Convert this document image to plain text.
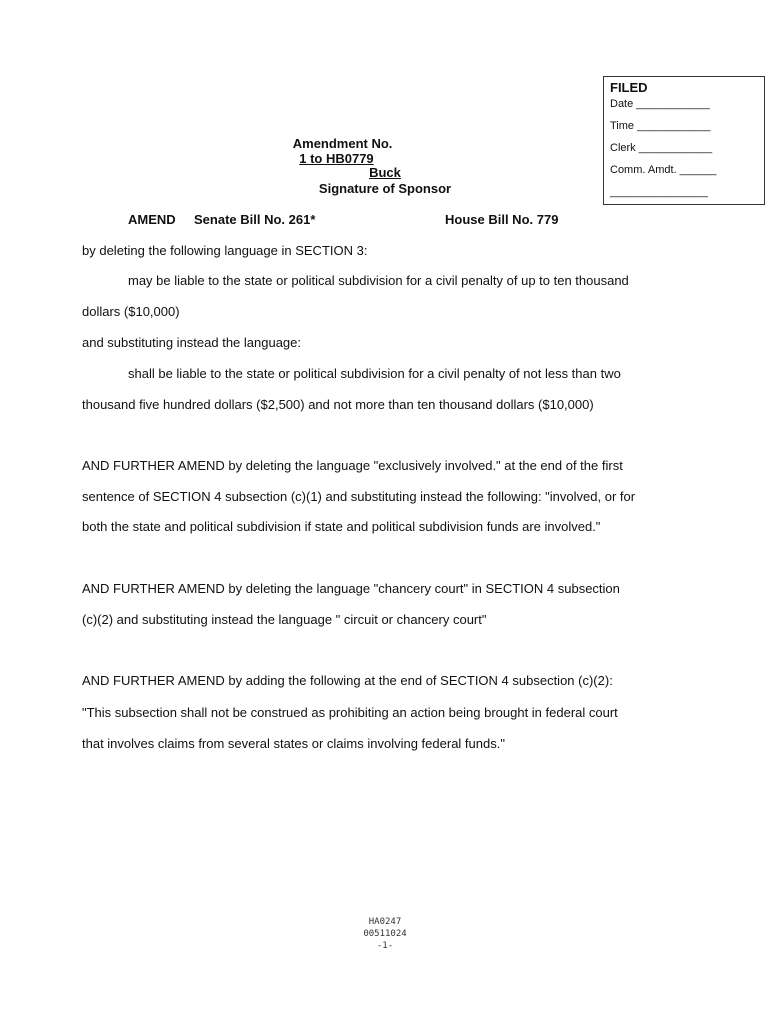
FILED
Date ____________
Time ____________
Clerk ____________
Comm. Amdt. ______
________________

Amendment No.
1 to HB0779

Buck
Signature of Sponsor
AMEND Senate Bill No. 261*	House Bill No. 779
by deleting the following language in SECTION 3:
may be liable to the state or political subdivision for a civil penalty of up to ten thousand
dollars ($10,000)
and substituting instead the language:
shall be liable to the state or political subdivision for a civil penalty of not less than two
thousand five hundred dollars ($2,500) and not more than ten thousand dollars ($10,000)
AND FURTHER AMEND by deleting the language "exclusively involved." at the end of the first
sentence of SECTION 4 subsection (c)(1) and substituting instead the following: "involved, or for
both the state and political subdivision if state and political subdivision funds are involved."
AND FURTHER AMEND by deleting the language "chancery court" in SECTION 4 subsection
(c)(2) and substituting instead the language " circuit or chancery court"
AND FURTHER AMEND by adding the following at the end of SECTION 4 subsection (c)(2):
"This subsection shall not be construed as prohibiting an action being brought in federal court
that involves claims from several states or claims involving federal funds."
HA0247
00511024
-1-
